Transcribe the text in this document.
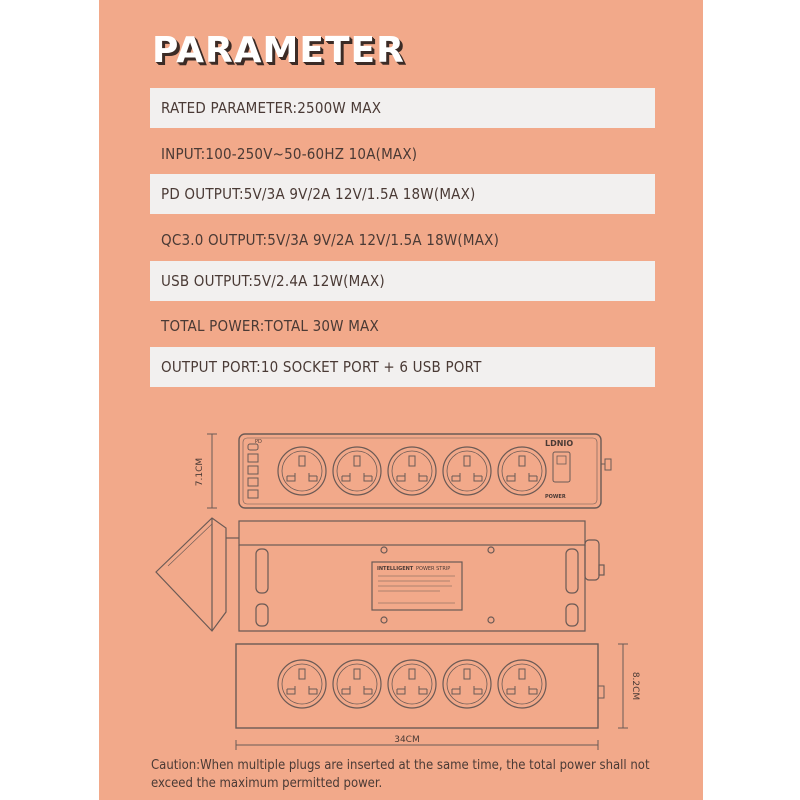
PARAMETER
RATED PARAMETER:2500W MAX
INPUT:100-250V~50-60HZ 10A(MAX)
PD OUTPUT:5V/3A 9V/2A 12V/1.5A 18W(MAX)
QC3.0 OUTPUT:5V/3A 9V/2A 12V/1.5A 18W(MAX)
USB OUTPUT:5V/2.4A 12W(MAX)
TOTAL POWER:TOTAL 30W MAX
OUTPUT PORT:10 SOCKET PORT + 6 USB PORT
7.1CM
PD	LDNIO
POWER
INTELLIGENT POWER STRIP
8.2CM
34CM
Caution:When multiple plugs are inserted at the same time, the total power shall not exceed the maximum permitted power.
